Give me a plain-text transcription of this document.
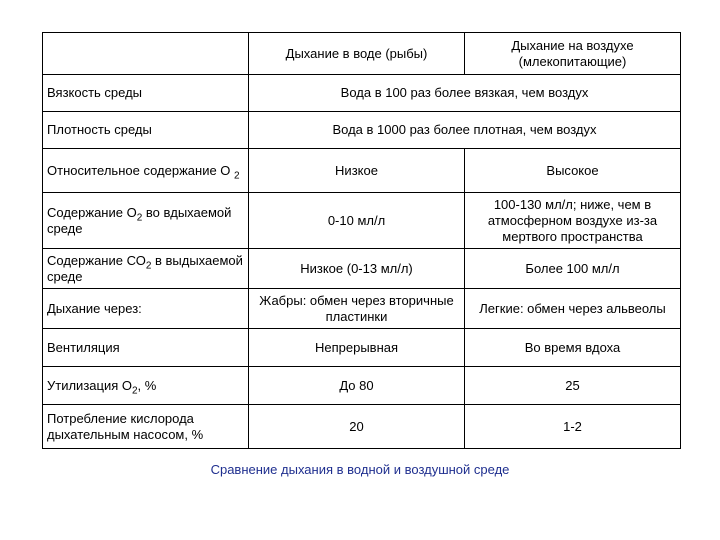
	Дыхание в воде (рыбы)	Дыхание на воздухе (млекопитающие)
Вязкость среды	Вода в 100 раз более вязкая, чем воздух	
Плотность среды	Вода в 1000 раз более плотная, чем воздух	
Относительное содержание О $_2$	Низкое	Высокое
Содержание $О_2$ во вдыхаемой среде	0-10 мл/л	100-130 мл/л; ниже, чем в атмосферном воздухе из-за мертвого пространства
Содержание $СО_2$ в выдыхаемой среде	Низкое (0-13 мл/л)	Более 100 мл/л
Дыхание через:	Жабры: обмен через вторичные пластинки	Легкие: обмен через альвеолы
Вентиляция	Непрерывная	Во время вдоха
Утилизация $О_2$, %	До 80	25
Потребление кислорода дыхательным насосом, %	20	1-2
Сравнение дыхания в водной и воздушной среде
